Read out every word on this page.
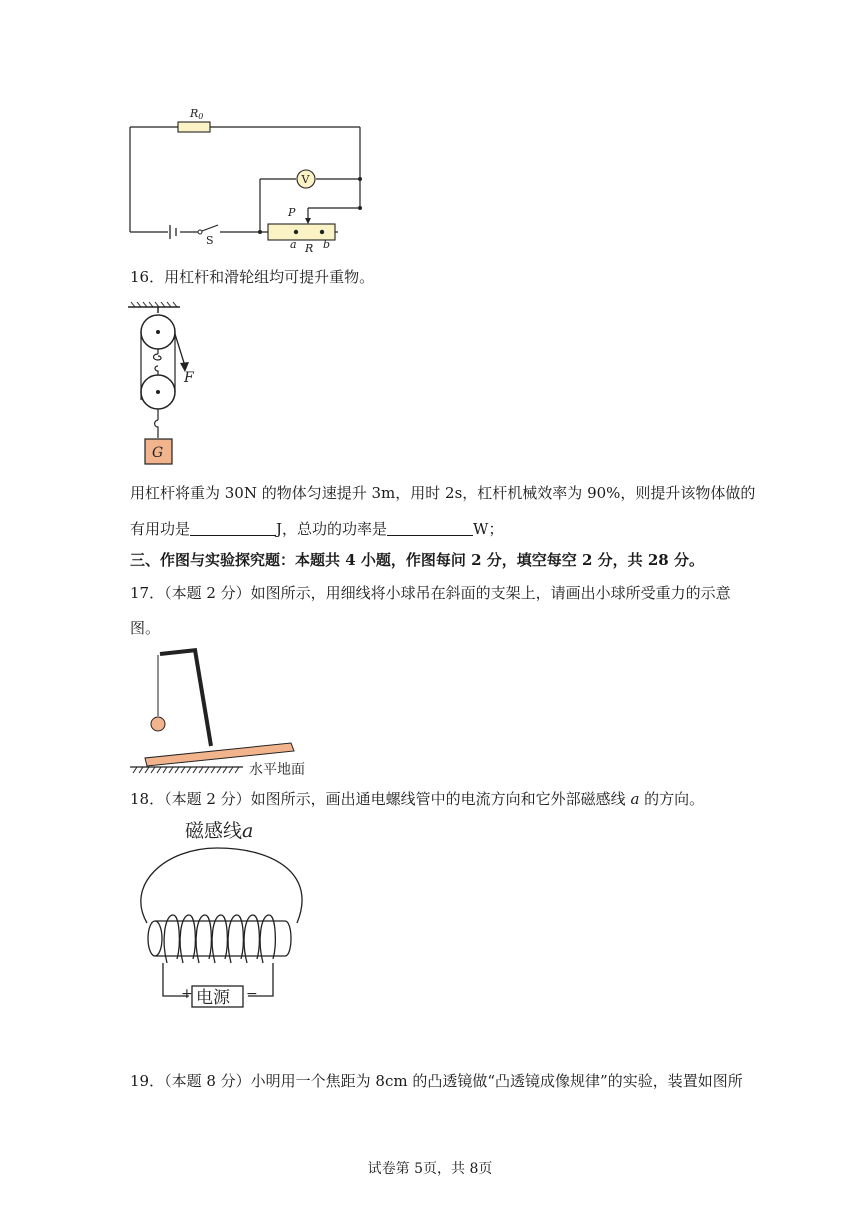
R0
S
V
P
a R b
16．用杠杆和滑轮组均可提升重物。
F
G
用杠杆将重为 30N 的物体匀速提升 3m，用时 2s，杠杆机械效率为 90%，则提升该物体做的
有用功是	J，总功的功率是	W；
三、作图与实验探究题：本题共 4 小题，作图每问 2 分，填空每空 2 分，共 28 分。
17．（本题 2 分）如图所示，用细线将小球吊在斜面的支架上，请画出小球所受重力的示意
图。
水平地面
18．（本题 2 分）如图所示，画出通电螺线管中的电流方向和它外部磁感线 a 的方向。
磁感线a
电源
+	−
19．（本题 8 分）小明用一个焦距为 8cm 的凸透镜做“凸透镜成像规律”的实验，装置如图所
试卷第 5页，共 8页
